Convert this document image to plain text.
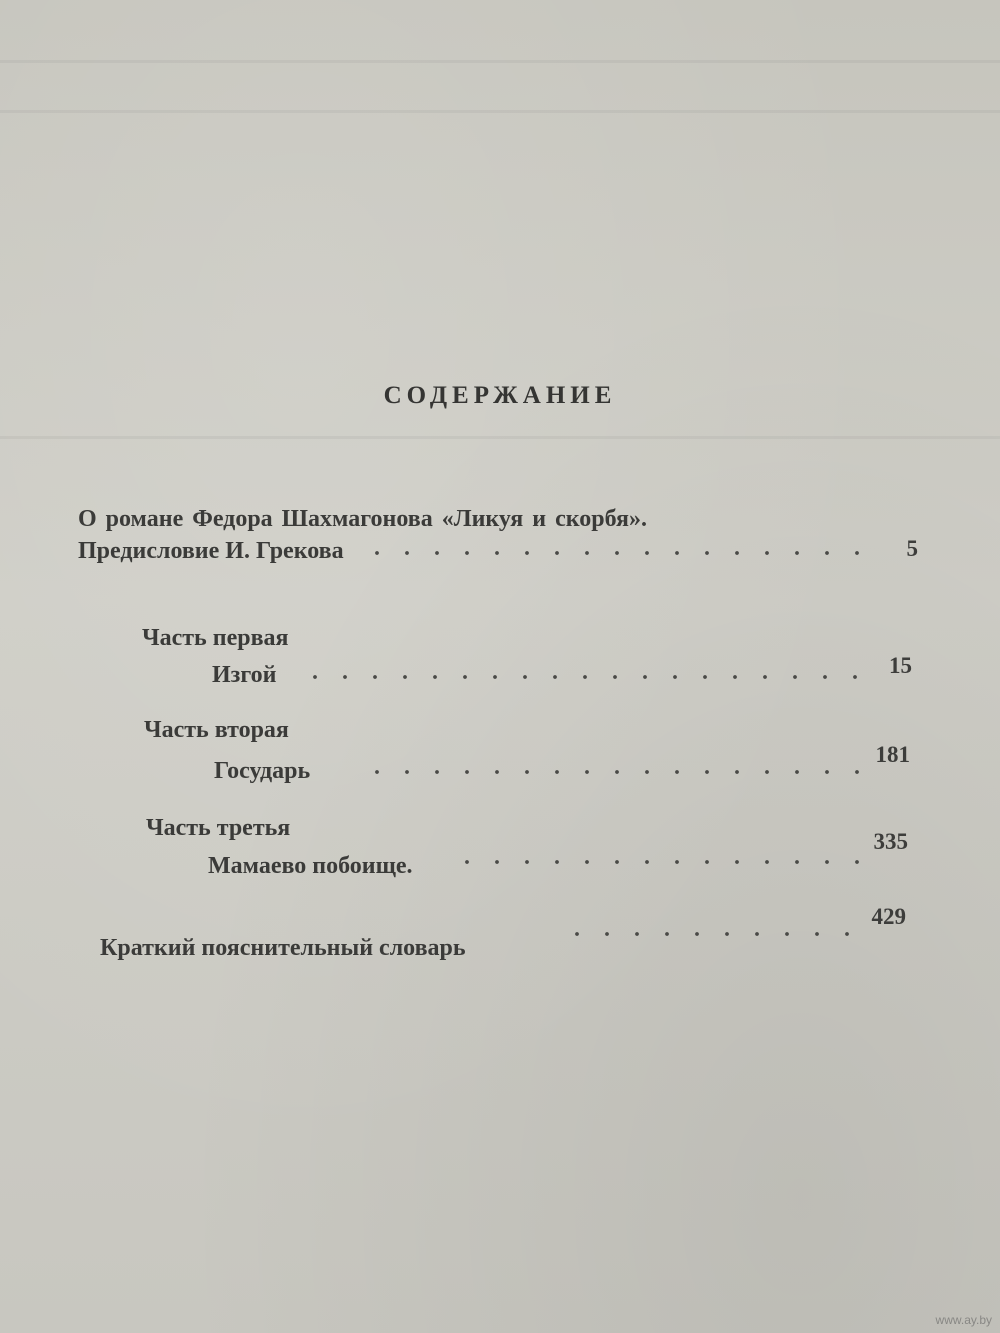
СОДЕРЖАНИЕ
О романе Федора Шахмагонова «Ликуя и скорбя».
Предисловие И. Грекова	5
Часть первая
Изгой	15
Часть вторая
Государь
181
Часть третья
Мамаево побоище.
335
Краткий пояснительный словарь
429
www.ay.by
